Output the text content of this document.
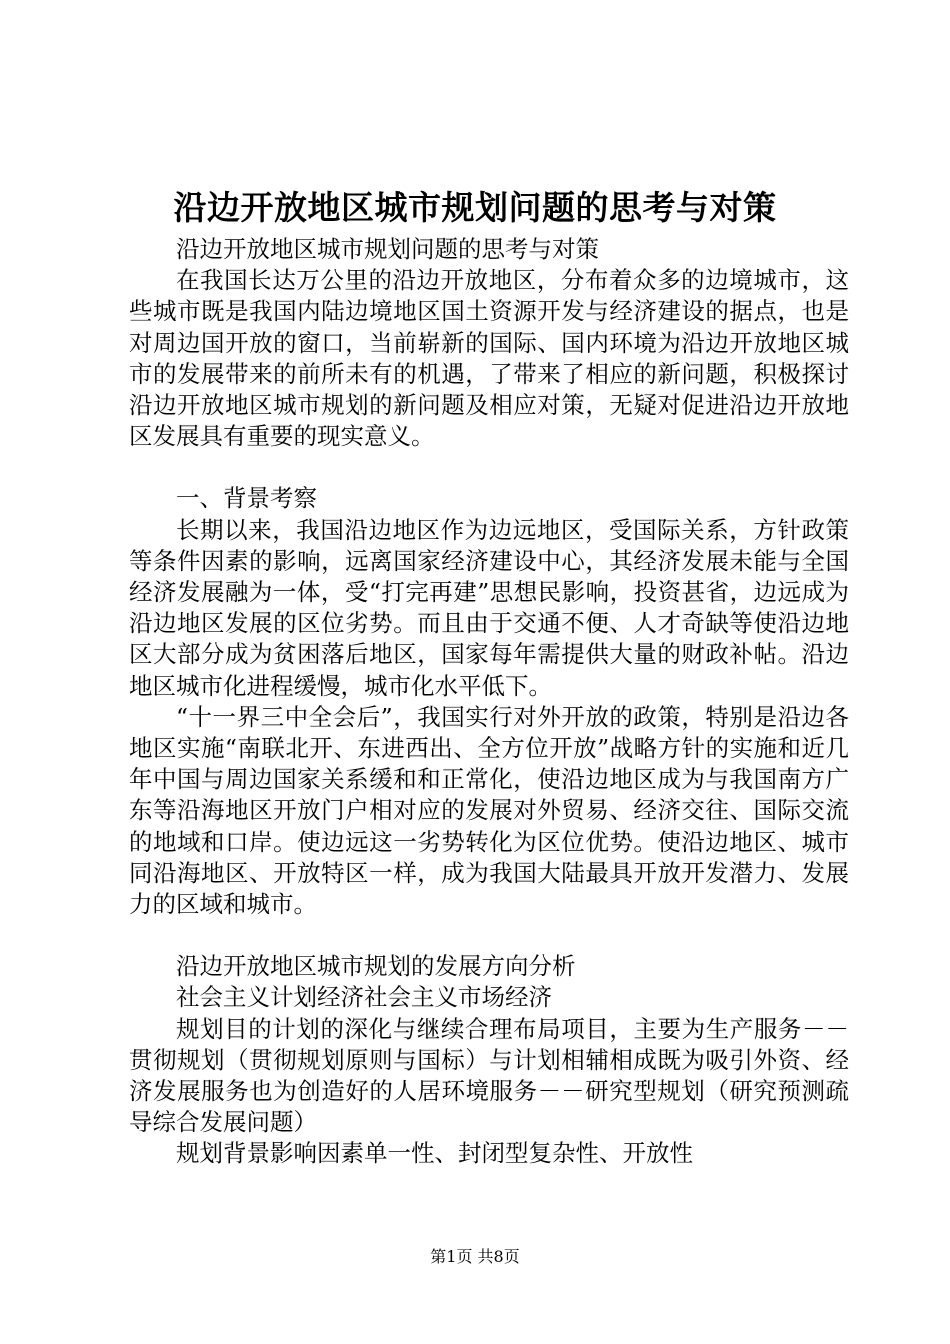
沿边开放地区城市规划问题的思考与对策

沿边开放地区城市规划问题的思考与对策

在我国长达万公里的沿边开放地区，分布着众多的边境城市，这些城市既是我国内陆边境地区国土资源开发与经济建设的据点，也是对周边国开放的窗口，当前崭新的国际、国内环境为沿边开放地区城市的发展带来的前所未有的机遇，了带来了相应的新问题，积极探讨沿边开放地区城市规划的新问题及相应对策，无疑对促进沿边开放地区发展具有重要的现实意义。

一、背景考察

长期以来，我国沿边地区作为边远地区，受国际关系，方针政策等条件因素的影响，远离国家经济建设中心，其经济发展未能与全国经济发展融为一体，受“打完再建”思想民影响，投资甚省，边远成为沿边地区发展的区位劣势。而且由于交通不便、人才奇缺等使沿边地区大部分成为贫困落后地区，国家每年需提供大量的财政补帖。沿边地区城市化进程缓慢，城市化水平低下。

“十一界三中全会后”，我国实行对外开放的政策，特别是沿边各地区实施“南联北开、东进西出、全方位开放”战略方针的实施和近几年中国与周边国家关系缓和和正常化，使沿边地区成为与我国南方广东等沿海地区开放门户相对应的发展对外贸易、经济交往、国际交流的地域和口岸。使边远这一劣势转化为区位优势。使沿边地区、城市同沿海地区、开放特区一样，成为我国大陆最具开放开发潜力、发展力的区域和城市。

沿边开放地区城市规划的发展方向分析

社会主义计划经济社会主义市场经济

规划目的计划的深化与继续合理布局项目，主要为生产服务－－贯彻规划（贯彻规划原则与国标）与计划相辅相成既为吸引外资、经济发展服务也为创造好的人居环境服务－－研究型规划（研究预测疏导综合发展问题）

规划背景影响因素单一性、封闭型复杂性、开放性

第1页 共8页
